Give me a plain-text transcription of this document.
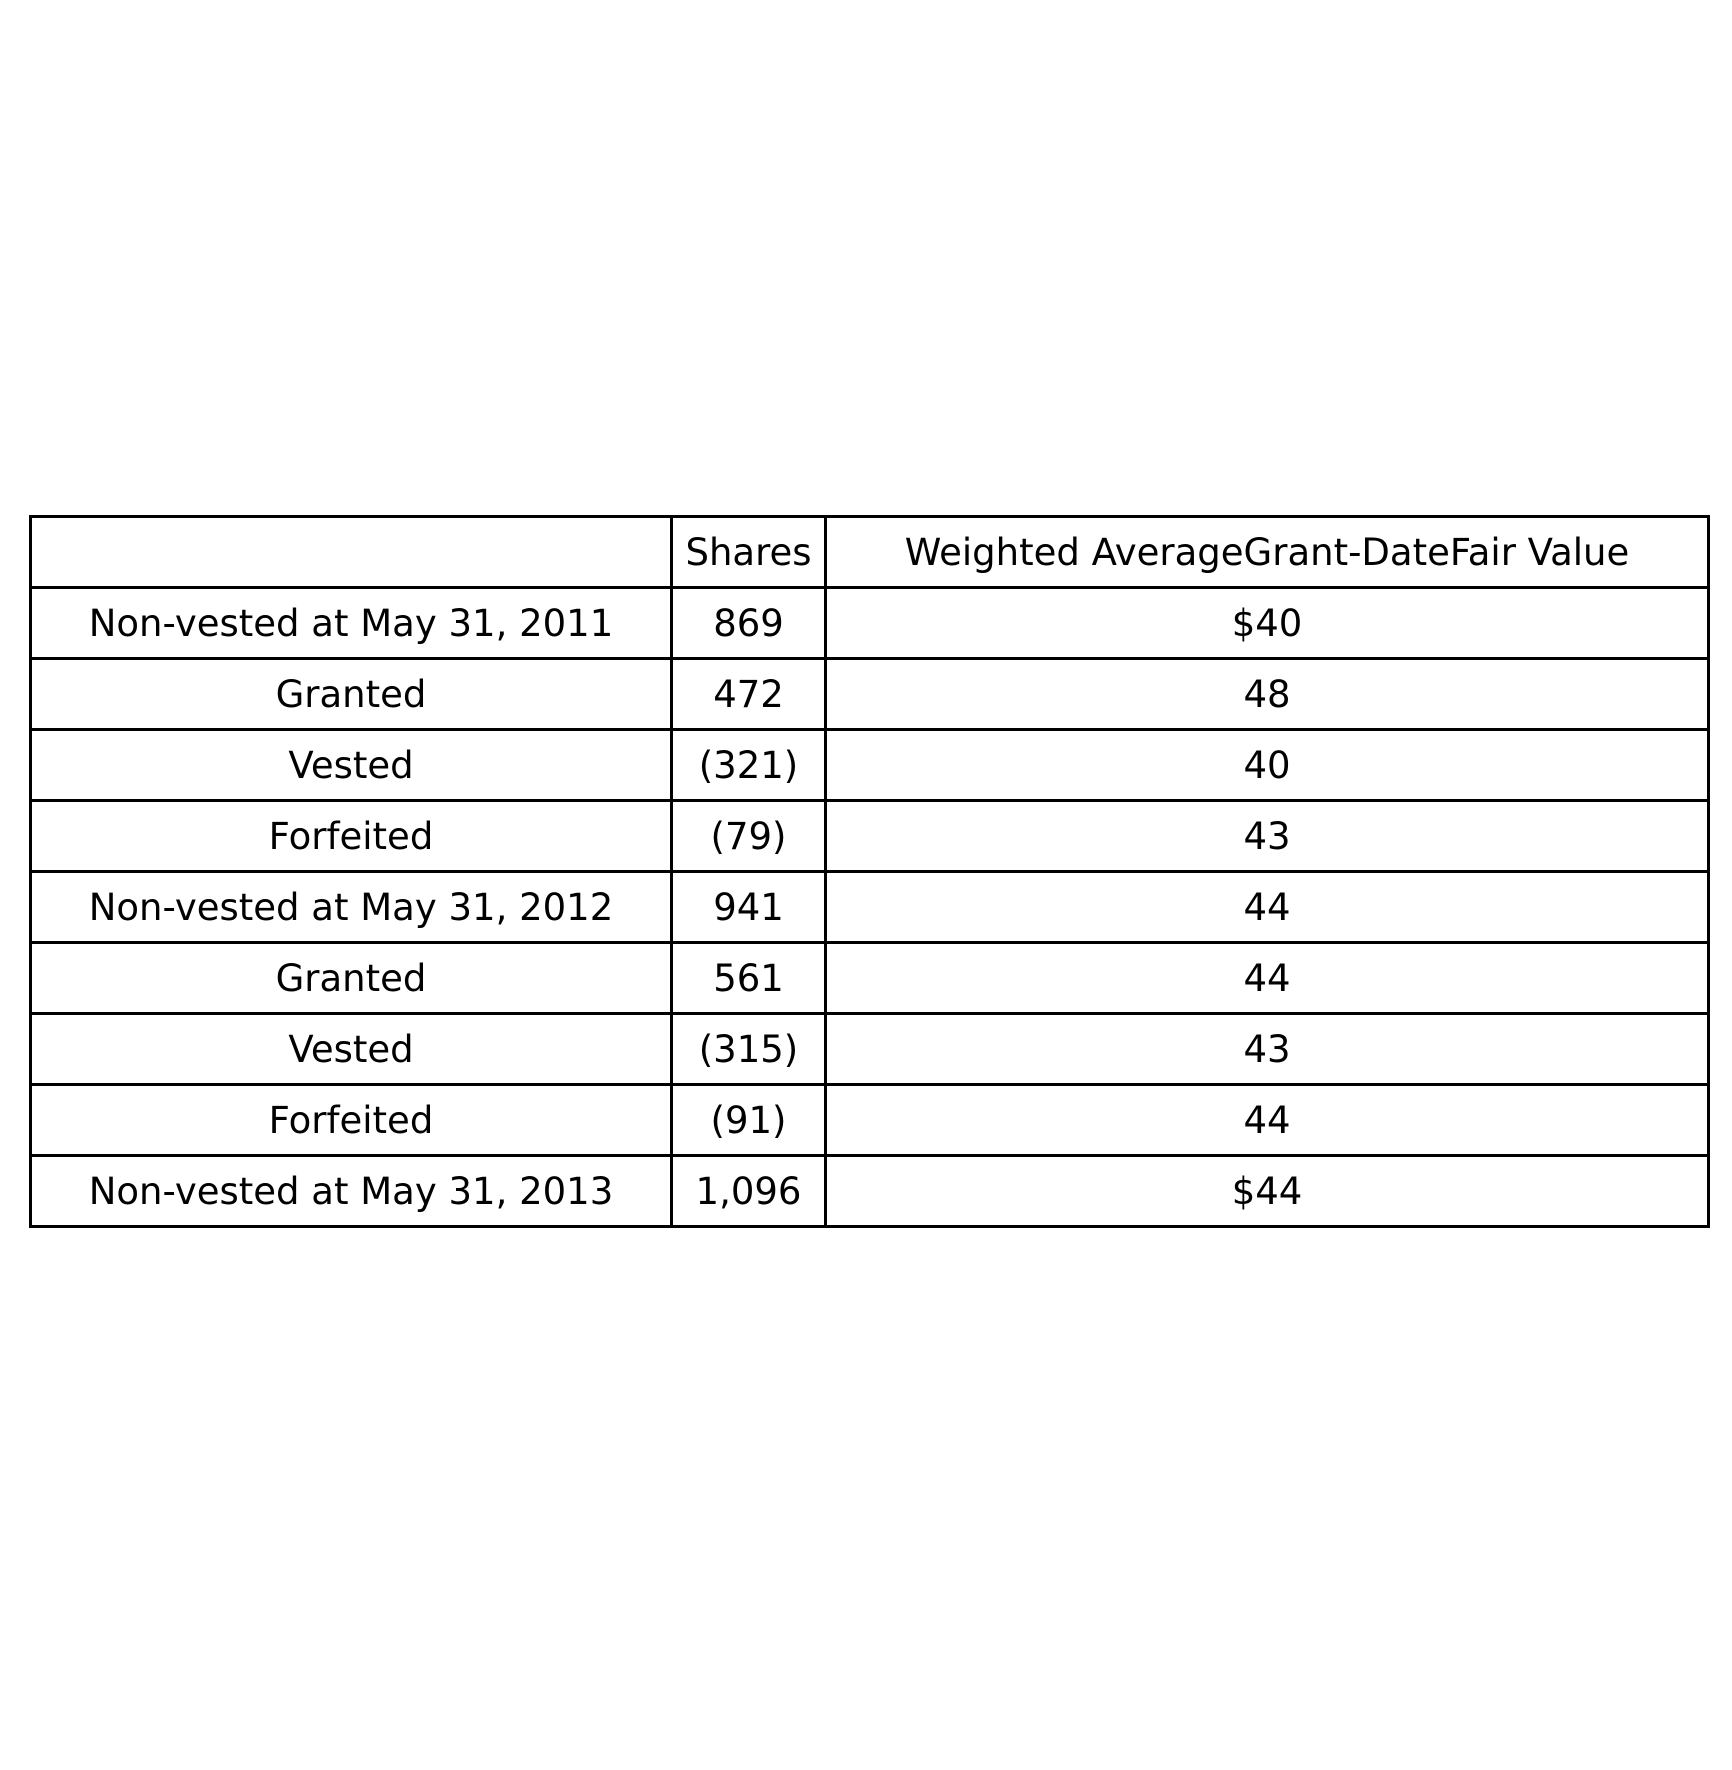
	Shares	Weighted AverageGrant-DateFair Value
Non-vested at May 31, 2011	869	$40
Granted	472	48
Vested	(321)	40
Forfeited	(79)	43
Non-vested at May 31, 2012	941	44
Granted	561	44
Vested	(315)	43
Forfeited	(91)	44
Non-vested at May 31, 2013	1,096	$44
